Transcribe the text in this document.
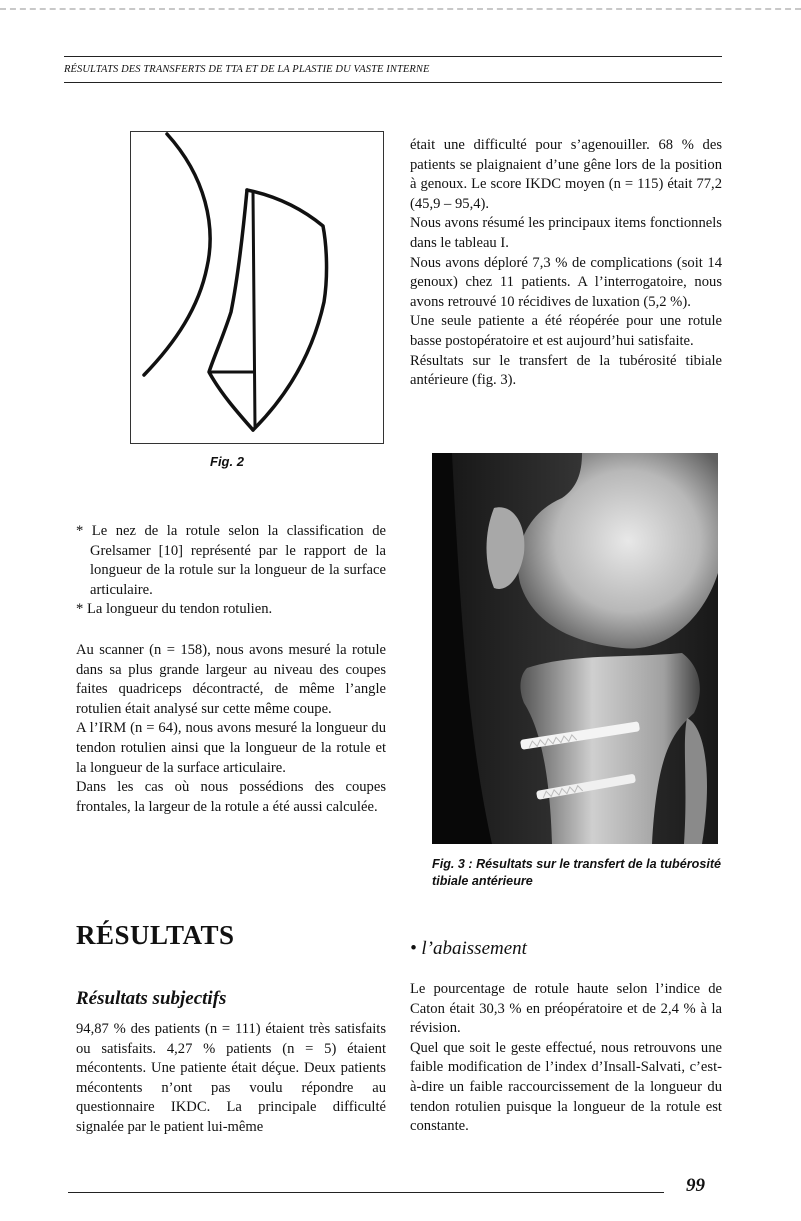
RÉSULTATS DES TRANSFERTS DE TTA ET DE LA PLASTIE DU VASTE INTERNE
Fig. 2

était une difficulté pour s’agenouiller. 68 % des patients se plaignaient d’une gêne lors de la position à genoux. Le score IKDC moyen (n = 115) était 77,2 (45,9 – 95,4).

Nous avons résumé les principaux items fonctionnels dans le tableau I.

Nous avons déploré 7,3 % de complications (soit 14 genoux) chez 11 patients. A l’interrogatoire, nous avons retrouvé 10 récidives de luxation (5,2 %).

Une seule patiente a été réopérée pour une rotule basse postopératoire et est aujourd’hui satisfaite.

Résultats sur le transfert de la tubérosité tibiale antérieure (fig. 3).

Fig. 3 : Résultats sur le transfert de la tubérosité tibiale antérieure

* Le nez de la rotule selon la classification de Grelsamer [10] représenté par le rapport de la longueur de la rotule sur la longueur de la surface articulaire.

* La longueur du tendon rotulien.

Au scanner (n = 158), nous avons mesuré la rotule dans sa plus grande largeur au niveau des coupes faites quadriceps décontracté, de même l’angle rotulien était analysé sur cette même coupe.

A l’IRM (n = 64), nous avons mesuré la longueur du tendon rotulien ainsi que la longueur de la rotule et la longueur de la surface articulaire.

Dans les cas où nous possédions des coupes frontales, la largeur de la rotule a été aussi calculée.

RÉSULTATS
Résultats subjectifs
94,87 % des patients (n = 111) étaient très satisfaits ou satisfaits. 4,27 % patients (n = 5) étaient mécontents. Une patiente était déçue. Deux patients mécontents n’ont pas voulu répondre au questionnaire IKDC. La principale difficulté signalée par le patient lui-même
• l’abaissement

Le pourcentage de rotule haute selon l’indice de Caton était 30,3 % en préopératoire et de 2,4 % à la révision.

Quel que soit le geste effectué, nous retrouvons une faible modification de l’index d’Insall-Salvati, c’est-à-dire un faible raccourcissement de la longueur du tendon rotulien puisque la longueur de la rotule est constante.

99
